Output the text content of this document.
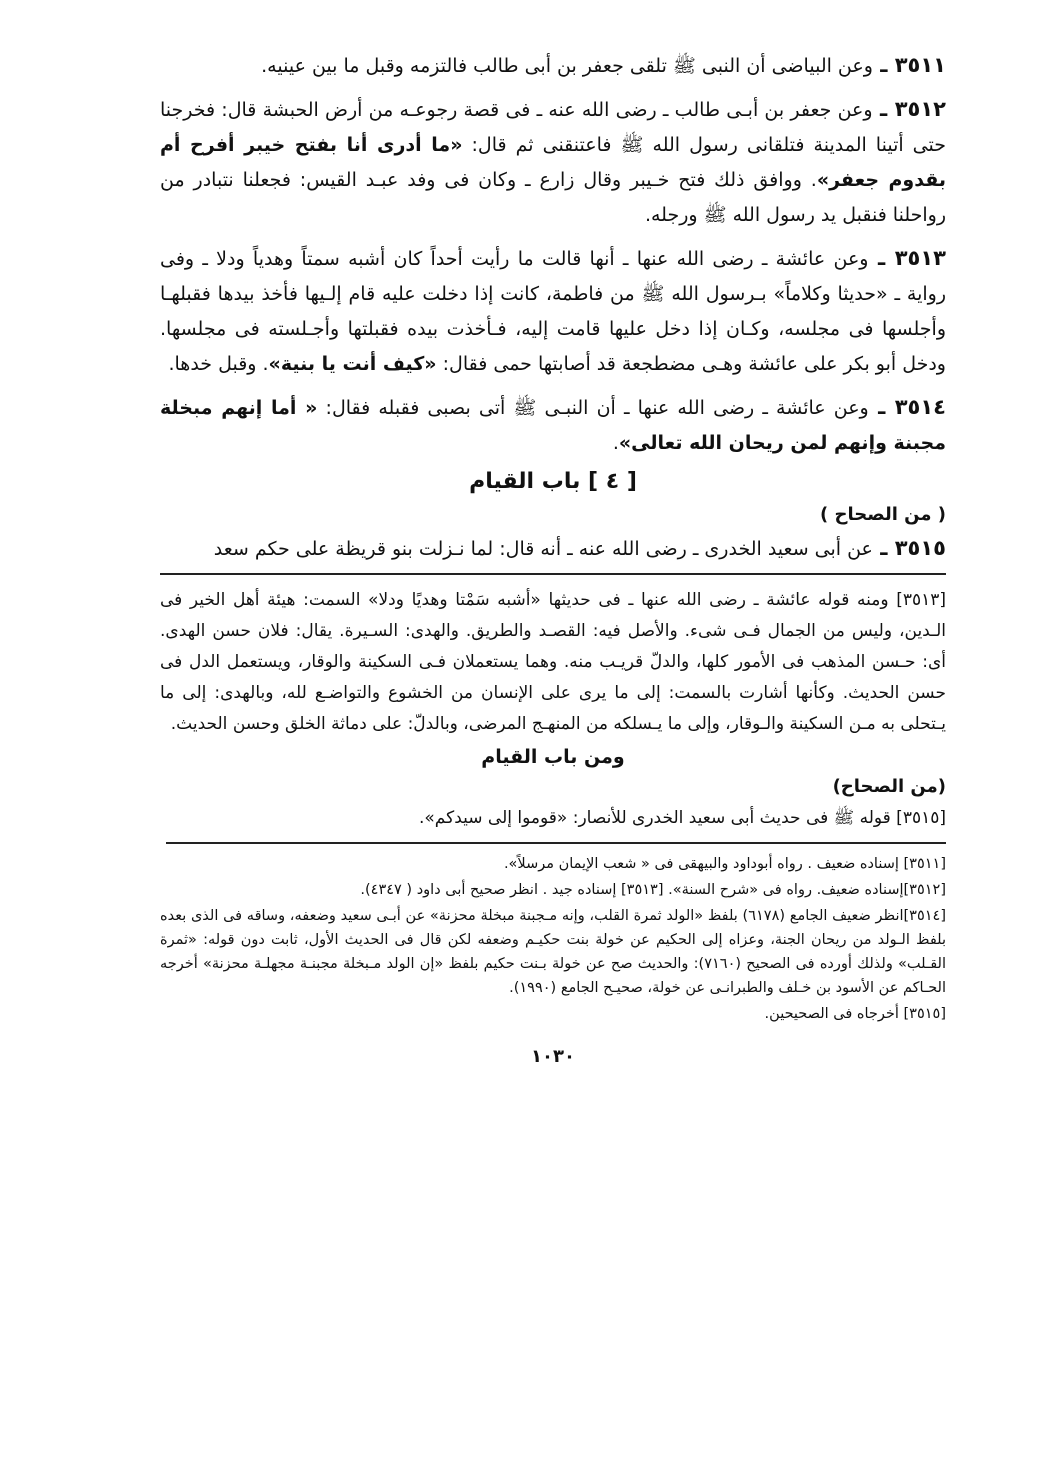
٣٥١١ ـ وعن البياضى أن النبى ﷺ تلقى جعفر بن أبى طالب فالتزمه وقبل ما بين عينيه.

٣٥١٢ ـ وعن جعفر بن أبـى طالب ـ رضى الله عنه ـ فى قصة رجوعـه من أرض الحبشة قال: فخرجنا حتى أتينا المدينة فتلقانى رسول الله ﷺ فاعتنقنى ثم قال: «ما أدرى أنا بفتح خيبر أفرح أم بقدوم جعفر». ووافق ذلك فتح خـيبر وقال زارع ـ وكان فى وفد عبـد القيس: فجعلنا نتبادر من رواحلنا فنقبل يد رسول الله ﷺ ورجله.

٣٥١٣ ـ وعن عائشة ـ رضى الله عنها ـ أنها قالت ما رأيت أحداً كان أشبه سمتاً وهدياً ودلا ـ وفى رواية ـ «حديثا وكلاماً» بـرسول الله ﷺ من فاطمة، كانت إذا دخلت عليه قام إلـيها فأخذ بيدها فقبلهـا وأجلسها فى مجلسه، وكـان إذا دخل عليها قامت إليه، فـأخذت بيده فقبلتها وأجـلسته فى مجلسها. ودخل أبو بكر على عائشة وهـى مضطجعة قد أصابتها حمى فقال: «كيف أنت يا بنية». وقبل خدها.

٣٥١٤ ـ وعن عائشة ـ رضى الله عنها ـ أن النبـى ﷺ أتى بصبى فقبله فقال: « أما إنهم مبخلة مجبنة وإنهم لمن ريحان الله تعالى».

[ ٤ ] باب القيام
( من الصحاح )

٣٥١٥ ـ عن أبى سعيد الخدرى ـ رضى الله عنه ـ أنه قال: لما نـزلت بنو قريظة على حكم سعد

[٣٥١٣] ومنه قوله عائشة ـ رضى الله عنها ـ فى حديثها «أشبه سَمْتا وهديًا ودلا» السمت: هيئة أهل الخير فى الـدين، وليس من الجمال فـى شىء. والأصل فيه: القصـد والطريق. والهدى: السـيرة. يقال: فلان حسن الهدى. أى: حـسن المذهب فى الأمور كلها، والدلّ قريـب منه. وهما يستعملان فـى السكينة والوقار، ويستعمل الدل فى حسن الحديث. وكأنها أشارت بالسمت: إلى ما يرى على الإنسان من الخشوع والتواضـع لله، وبالهدى: إلى ما يـتحلى به مـن السكينة والـوقار، وإلى ما يـسلكه من المنهـج المرضى، وبالدلّ: على دماثة الخلق وحسن الحديث.

ومن باب القيام
(من الصحاح)

[٣٥١٥] قوله ﷺ فى حديث أبى سعيد الخدرى للأنصار: «قوموا إلى سيدكم».

[٣٥١١] إسناده ضعيف . رواه أبوداود والبيهقى فى « شعب الإيمان مرسلاً».

[٣٥١٢]إسناده ضعيف. رواه فى «شرح السنة». [٣٥١٣] إسناده جيد . انظر صحيح أبى داود ( ٤٣٤٧).

[٣٥١٤]انظر ضعيف الجامع (٦١٧٨) بلفظ «الولد ثمرة القلب، وإنه مـجبنة مبخلة محزنة» عن أبـى سعيد وضعفه، وساقه فى الذى بعده بلفظ الـولد من ريحان الجنة، وعزاه إلى الحكيم عن خولة بنت حكيـم وضعفه لكن قال فى الحديث الأول، ثابت دون قوله: «ثمرة القـلب» ولذلك أورده فى الصحيح (٧١٦٠): والحديث صح عن خولة بـنت حكيم بلفظ «إن الولد مـبخلة مجبنـة مجهلـة محزنة» أخرجه الحـاكم عن الأسود بن خـلف والطبرانـى عن خولة، صحيـح الجامع (١٩٩٠).

[٣٥١٥] أخرجاه فى الصحيحين.

١٠٣٠
